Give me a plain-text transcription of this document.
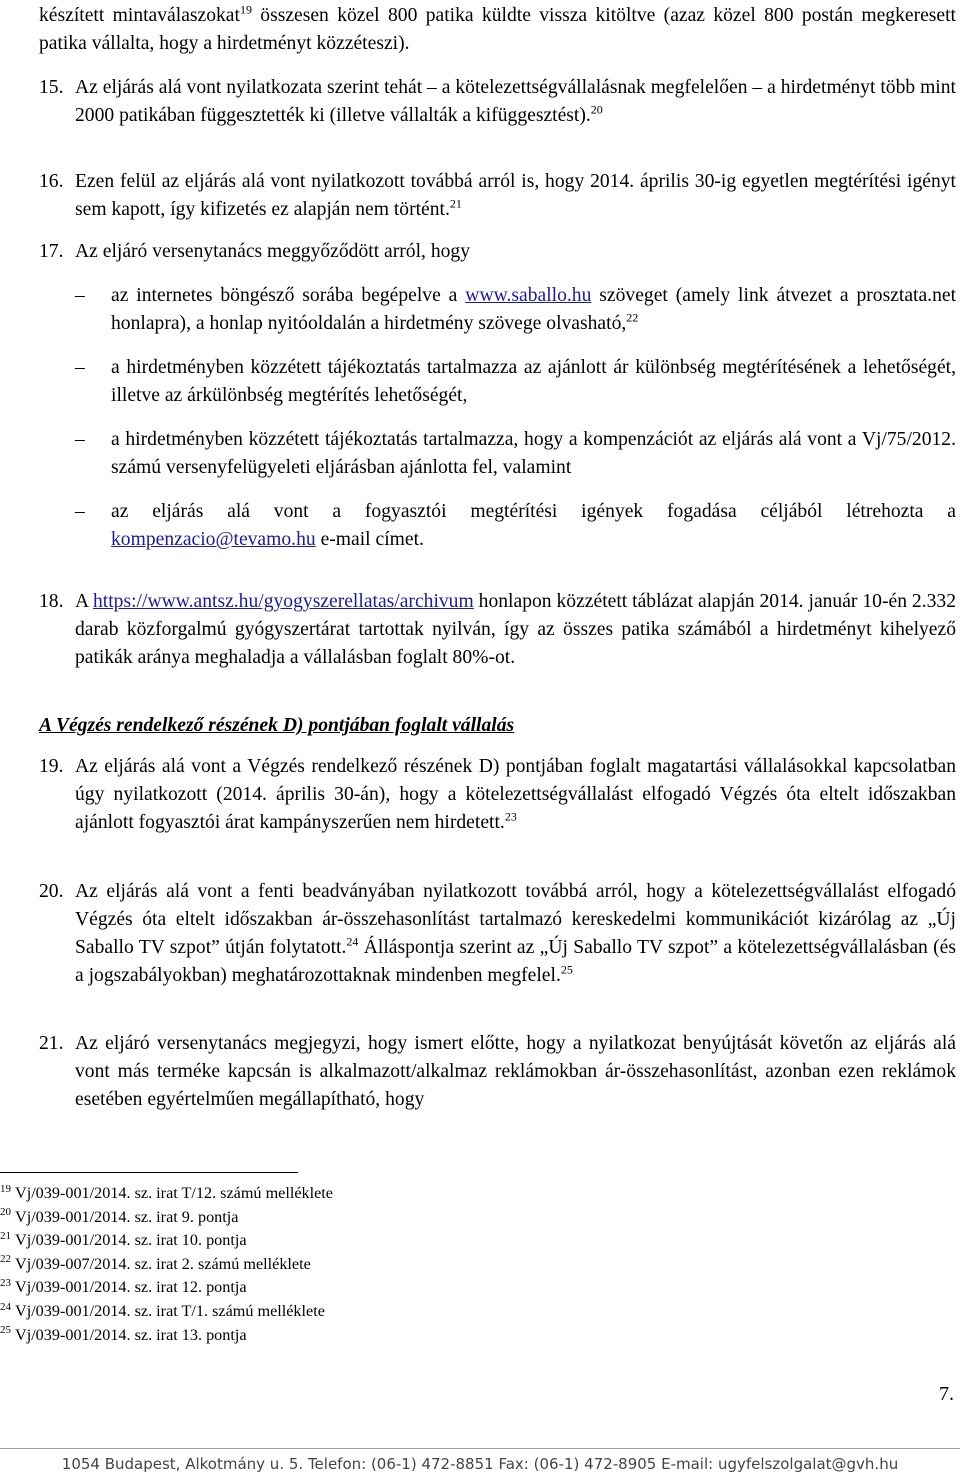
készített mintaválaszokat$^{19}$ összesen közel 800 patika küldte vissza kitöltve (azaz közel 800 postán megkeresett patika vállalta, hogy a hirdetményt közzéteszi).

15. Az eljárás alá vont nyilatkozata szerint tehát – a kötelezettségvállalásnak megfelelően – a hirdetményt több mint 2000 patikában függesztették ki (illetve vállalták a kifüggesztést).$^{20}$

16. Ezen felül az eljárás alá vont nyilatkozott továbbá arról is, hogy 2014. április 30-ig egyetlen megtérítési igényt sem kapott, így kifizetés ez alapján nem történt.$^{21}$

17. Az eljáró versenytanács meggyőződött arról, hogy

–	az internetes böngésző sorába begépelve a www.saballo.hu szöveget (amely link átvezet a prosztata.net honlapra), a honlap nyitóoldalán a hirdetmény szövege olvasható,$^{22}$

–	a hirdetményben közzétett tájékoztatás tartalmazza az ajánlott ár különbség megtérítésének a lehetőségét, illetve az árkülönbség megtérítés lehetőségét,

–	a hirdetményben közzétett tájékoztatás tartalmazza, hogy a kompenzációt az eljárás alá vont a Vj/75/2012. számú versenyfelügyeleti eljárásban ajánlotta fel, valamint

–	az eljárás alá vont a fogyasztói megtérítési igények fogadása céljából létrehozta a kompenzacio@tevamo.hu e-mail címet.

18. A https://www.antsz.hu/gyogyszerellatas/archivum honlapon közzétett táblázat alapján 2014. január 10-én 2.332 darab közforgalmú gyógyszertárat tartottak nyilván, így az összes patika számából a hirdetményt kihelyező patikák aránya meghaladja a vállalásban foglalt 80%-ot.

A Végzés rendelkező részének D) pontjában foglalt vállalás

19. Az eljárás alá vont a Végzés rendelkező részének D) pontjában foglalt magatartási vállalásokkal kapcsolatban úgy nyilatkozott (2014. április 30-án), hogy a kötelezettségvállalást elfogadó Végzés óta eltelt időszakban ajánlott fogyasztói árat kampányszerűen nem hirdetett.$^{23}$

20. Az eljárás alá vont a fenti beadványában nyilatkozott továbbá arról, hogy a kötelezettségvállalást elfogadó Végzés óta eltelt időszakban ár-összehasonlítást tartalmazó kereskedelmi kommunikációt kizárólag az „Új Saballo TV szpot” útján folytatott.$^{24}$ Álláspontja szerint az „Új Saballo TV szpot” a kötelezettségvállalásban (és a jogszabályokban) meghatározottaknak mindenben megfelel.$^{25}$

21. Az eljáró versenytanács megjegyzi, hogy ismert előtte, hogy a nyilatkozat benyújtását követőn az eljárás alá vont más terméke kapcsán is alkalmazott/alkalmaz reklámokban ár-összehasonlítást, azonban ezen reklámok esetében egyértelműen megállapítható, hogy

$^{19}$ Vj/039-001/2014. sz. irat T/12. számú melléklete
$^{20}$ Vj/039-001/2014. sz. irat 9. pontja
$^{21}$ Vj/039-001/2014. sz. irat 10. pontja
$^{22}$ Vj/039-007/2014. sz. irat 2. számú melléklete
$^{23}$ Vj/039-001/2014. sz. irat 12. pontja
$^{24}$ Vj/039-001/2014. sz. irat T/1. számú melléklete
$^{25}$ Vj/039-001/2014. sz. irat 13. pontja
7.
1054 Budapest, Alkotmány u. 5. Telefon: (06-1) 472-8851 Fax: (06-1) 472-8905 E-mail: ugyfelszolgalat@gvh.hu
